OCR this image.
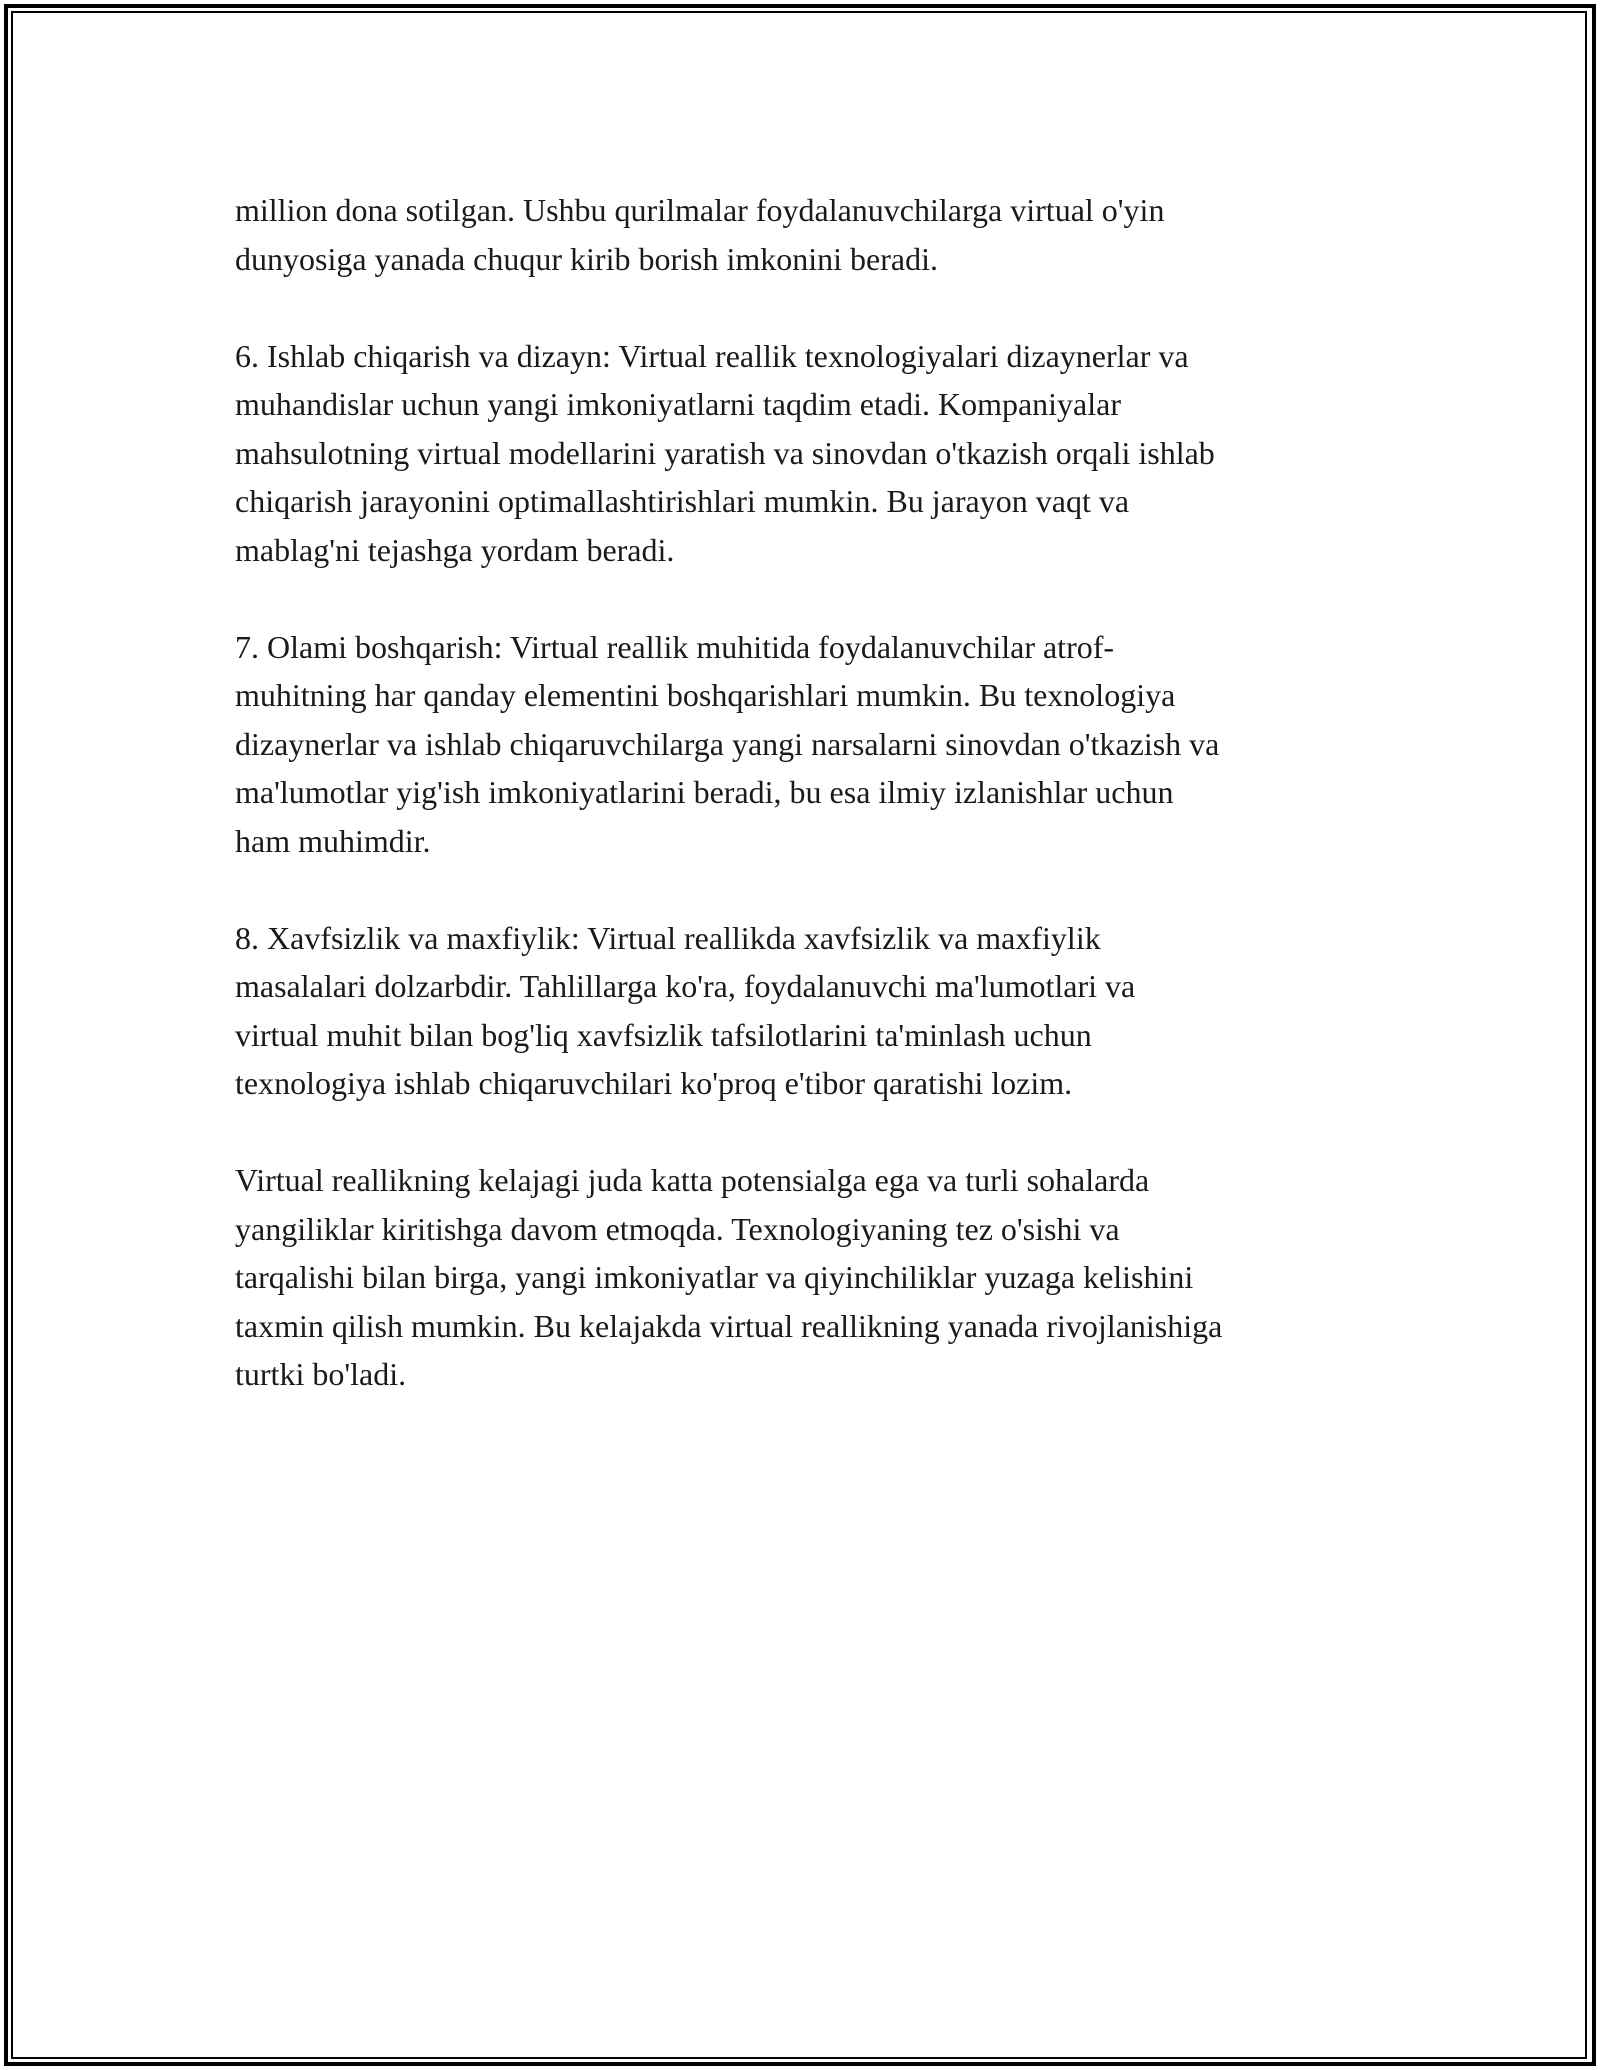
million dona sotilgan. Ushbu qurilmalar foydalanuvchilarga virtual o'yin
dunyosiga yanada chuqur kirib borish imkonini beradi.

6. Ishlab chiqarish va dizayn: Virtual reallik texnologiyalari dizaynerlar va
muhandislar uchun yangi imkoniyatlarni taqdim etadi. Kompaniyalar
mahsulotning virtual modellarini yaratish va sinovdan o'tkazish orqali ishlab
chiqarish jarayonini optimallashtirishlari mumkin. Bu jarayon vaqt va
mablag'ni tejashga yordam beradi.

7. Olami boshqarish: Virtual reallik muhitida foydalanuvchilar atrof-
muhitning har qanday elementini boshqarishlari mumkin. Bu texnologiya
dizaynerlar va ishlab chiqaruvchilarga yangi narsalarni sinovdan o'tkazish va
ma'lumotlar yig'ish imkoniyatlarini beradi, bu esa ilmiy izlanishlar uchun
ham muhimdir.

8. Xavfsizlik va maxfiylik: Virtual reallikda xavfsizlik va maxfiylik
masalalari dolzarbdir. Tahlillarga ko'ra, foydalanuvchi ma'lumotlari va
virtual muhit bilan bog'liq xavfsizlik tafsilotlarini ta'minlash uchun
texnologiya ishlab chiqaruvchilari ko'proq e'tibor qaratishi lozim.

Virtual reallikning kelajagi juda katta potensialga ega va turli sohalarda
yangiliklar kiritishga davom etmoqda. Texnologiyaning tez o'sishi va
tarqalishi bilan birga, yangi imkoniyatlar va qiyinchiliklar yuzaga kelishini
taxmin qilish mumkin. Bu kelajakda virtual reallikning yanada rivojlanishiga
turtki bo'ladi.
